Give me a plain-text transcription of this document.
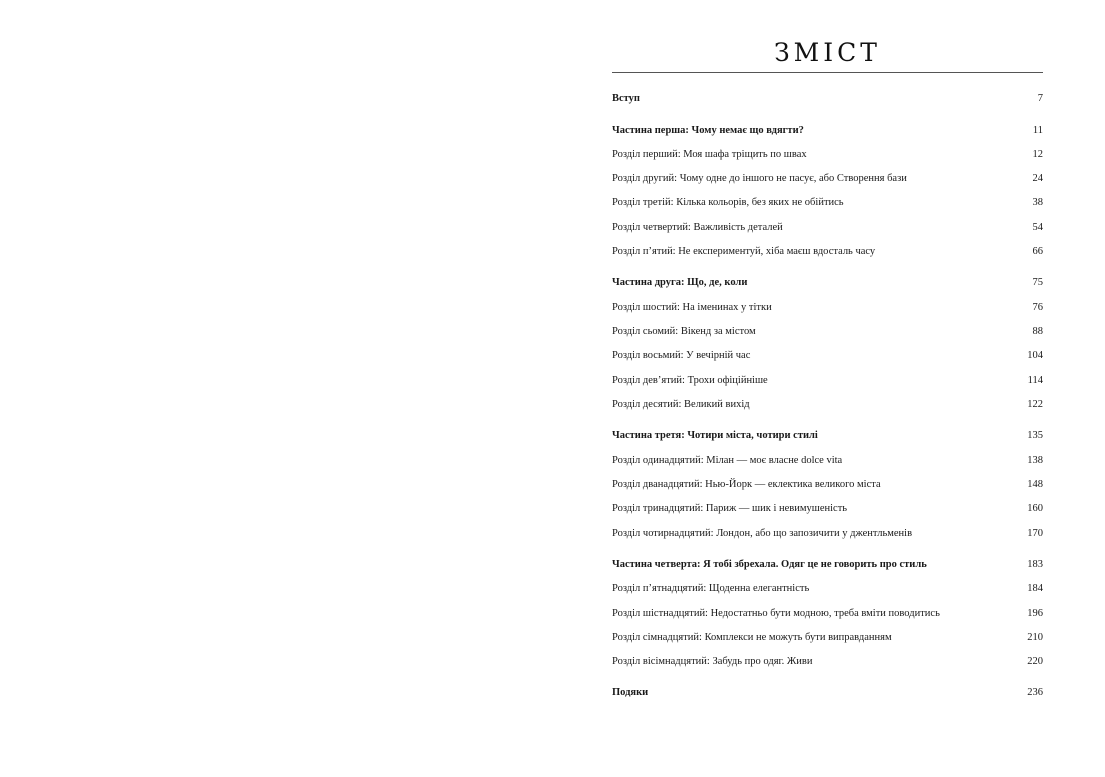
ЗМІСТ
Вступ	7
Частина перша: Чому немає що вдягти?	11
Розділ перший: Моя шафа тріщить по швах	12
Розділ другий: Чому одне до іншого не пасує, або Створення бази	24
Розділ третій: Кілька кольорів, без яких не обійтись	38
Розділ четвертий: Важливість деталей	54
Розділ п’ятий: Не експериментуй, хіба маєш вдосталь часу	66
Частина друга: Що, де, коли	75
Розділ шостий: На іменинах у тітки	76
Розділ сьомий: Вікенд за містом	88
Розділ восьмий: У вечірній час	104
Розділ дев’ятий: Трохи офіційніше	114
Розділ десятий: Великий вихід	122
Частина третя: Чотири міста, чотири стилі	135
Розділ одинадцятий: Мілан — моє власне dolce vita	138
Розділ дванадцятий: Нью-Йорк — еклектика великого міста	148
Розділ тринадцятий: Париж — шик і невимушеність	160
Розділ чотирнадцятий: Лондон, або що запозичити у джентльменів	170
Частина четверта: Я тобі збрехала. Одяг це не говорить про стиль	183
Розділ п’ятнадцятий: Щоденна елегантність	184
Розділ шістнадцятий: Недостатньо бути модною, треба вміти поводитись	196
Розділ сімнадцятий: Комплекси не можуть бути виправданням	210
Розділ вісімнадцятий: Забудь про одяг. Живи	220
Подяки	236
